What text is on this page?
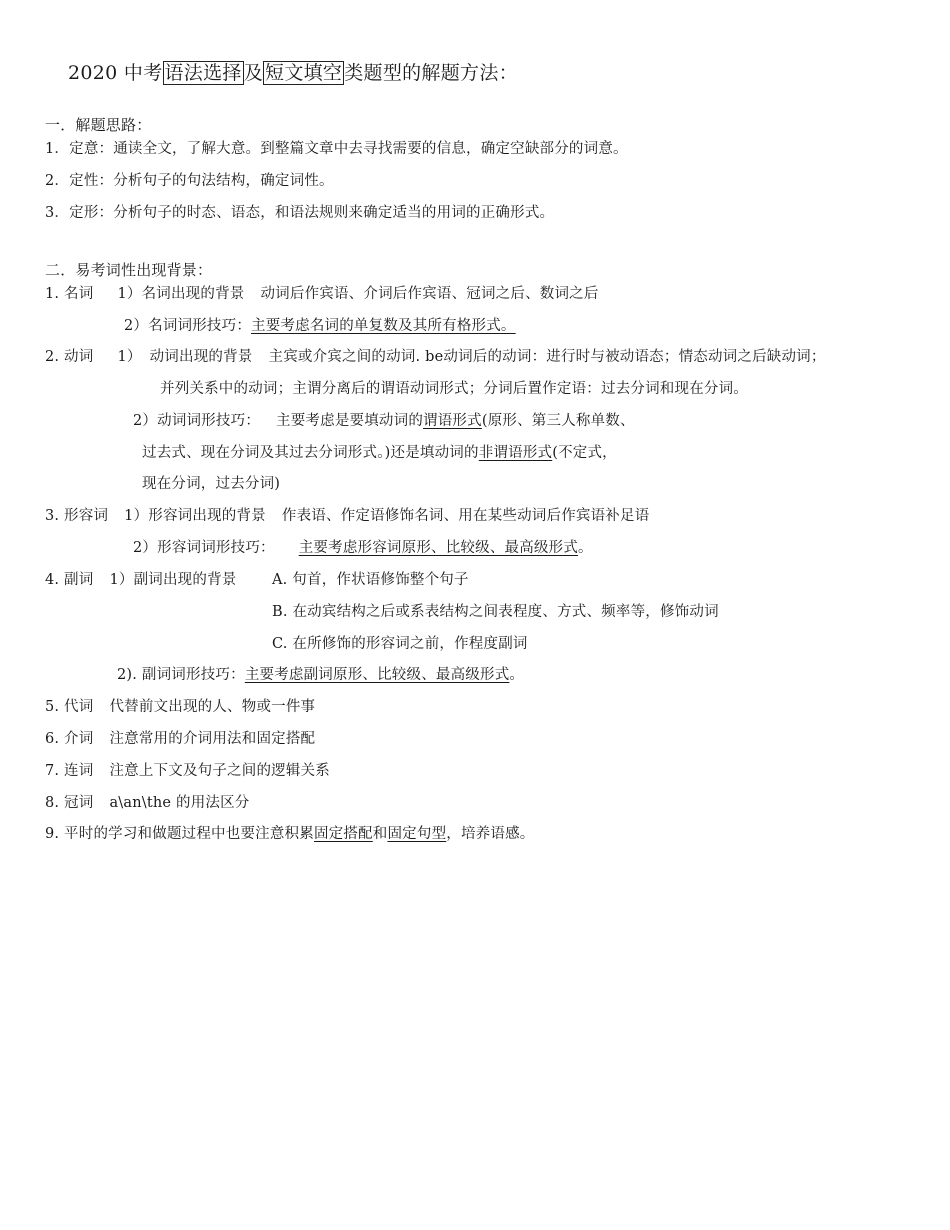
2020 中考 语法选择 及 短文填空 类题型的解题方法：
一．解题思路：
1．定意：通读全文，了解大意。到整篇文章中去寻找需要的信息，确定空缺部分的词意。
2．定性：分析句子的句法结构，确定词性。
3．定形：分析句子的时态、语态，和语法规则来确定适当的用词的正确形式。
二．易考词性出现背景：
1. 名词 1）名词出现的背景 动词后作宾语、介词后作宾语、冠词之后、数词之后
2）名词词形技巧：主要考虑名词的单复数及其所有格形式。
2. 动词 1） 动词出现的背景 主宾或介宾之间的动词. be动词后的动词：进行时与被动语态；情态动词之后缺动词；
并列关系中的动词；主谓分离后的谓语动词形式；分词后置作定语：过去分词和现在分词。
2）动词词形技巧： 主要考虑是要填动词的谓语形式(原形、第三人称单数、
过去式、现在分词及其过去分词形式。)还是填动词的非谓语形式(不定式，
现在分词，过去分词)
3. 形容词 1）形容词出现的背景 作表语、作定语修饰名词、用在某些动词后作宾语补足语
2）形容词词形技巧： 主要考虑形容词原形、比较级、最高级形式。
4. 副词 1）副词出现的背景 A. 句首，作状语修饰整个句子
B. 在动宾结构之后或系表结构之间表程度、方式、频率等，修饰动词
C. 在所修饰的形容词之前，作程度副词
2). 副词词形技巧：主要考虑副词原形、比较级、最高级形式。
5. 代词 代替前文出现的人、物或一件事
6. 介词 注意常用的介词用法和固定搭配
7. 连词 注意上下文及句子之间的逻辑关系
8. 冠词 a\an\the 的用法区分
9. 平时的学习和做题过程中也要注意积累固定搭配和固定句型，培养语感。
